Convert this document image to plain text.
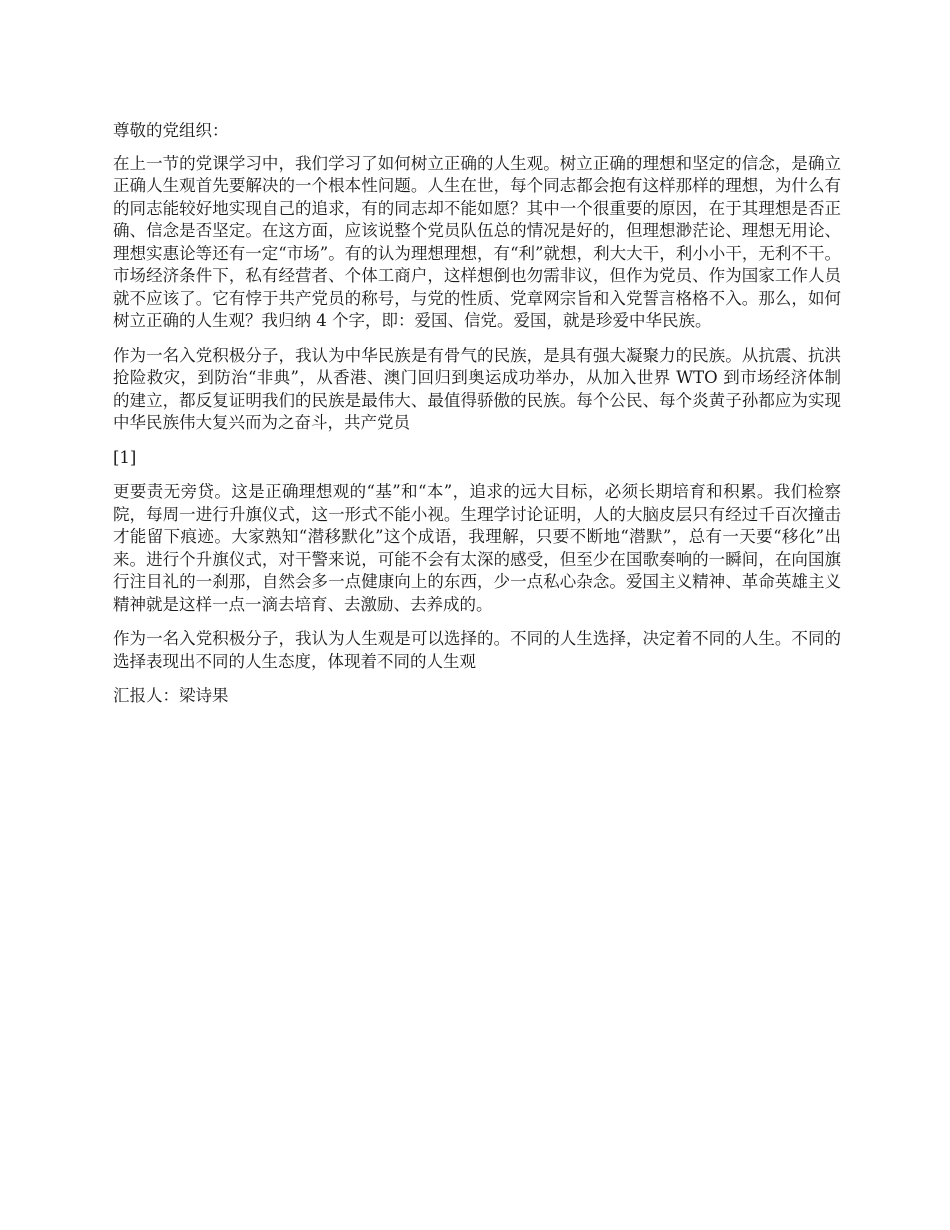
尊敬的党组织：

在上一节的党课学习中，我们学习了如何树立正确的人生观。树立正确的理想和坚定的信念，是确立正确人生观首先要解决的一个根本性问题。人生在世，每个同志都会抱有这样那样的理想，为什么有的同志能较好地实现自己的追求，有的同志却不能如愿？其中一个很重要的原因，在于其理想是否正确、信念是否坚定。在这方面，应该说整个党员队伍总的情况是好的，但理想渺茫论、理想无用论、理想实惠论等还有一定“市场”。有的认为理想理想，有“利”就想，利大大干，利小小干，无利不干。市场经济条件下，私有经营者、个体工商户，这样想倒也勿需非议，但作为党员、作为国家工作人员就不应该了。它有悖于共产党员的称号，与党的性质、党章网宗旨和入党誓言格格不入。那么，如何树立正确的人生观？我归纳 4 个字，即：爱国、信党。爱国，就是珍爱中华民族。

作为一名入党积极分子，我认为中华民族是有骨气的民族，是具有强大凝聚力的民族。从抗震、抗洪抢险救灾，到防治“非典”，从香港、澳门回归到奥运成功举办，从加入世界 WTO 到市场经济体制的建立，都反复证明我们的民族是最伟大、最值得骄傲的民族。每个公民、每个炎黄子孙都应为实现中华民族伟大复兴而为之奋斗，共产党员

[1]

更要责无旁贷。这是正确理想观的“基”和“本”，追求的远大目标，必须长期培育和积累。我们检察院，每周一进行升旗仪式，这一形式不能小视。生理学讨论证明，人的大脑皮层只有经过千百次撞击才能留下痕迹。大家熟知“潜移默化”这个成语，我理解，只要不断地“潜默”，总有一天要“移化”出来。进行个升旗仪式，对干警来说，可能不会有太深的感受，但至少在国歌奏响的一瞬间，在向国旗行注目礼的一刹那，自然会多一点健康向上的东西，少一点私心杂念。爱国主义精神、革命英雄主义精神就是这样一点一滴去培育、去激励、去养成的。

作为一名入党积极分子，我认为人生观是可以选择的。不同的人生选择，决定着不同的人生。不同的选择表现出不同的人生态度，体现着不同的人生观

汇报人：梁诗果
